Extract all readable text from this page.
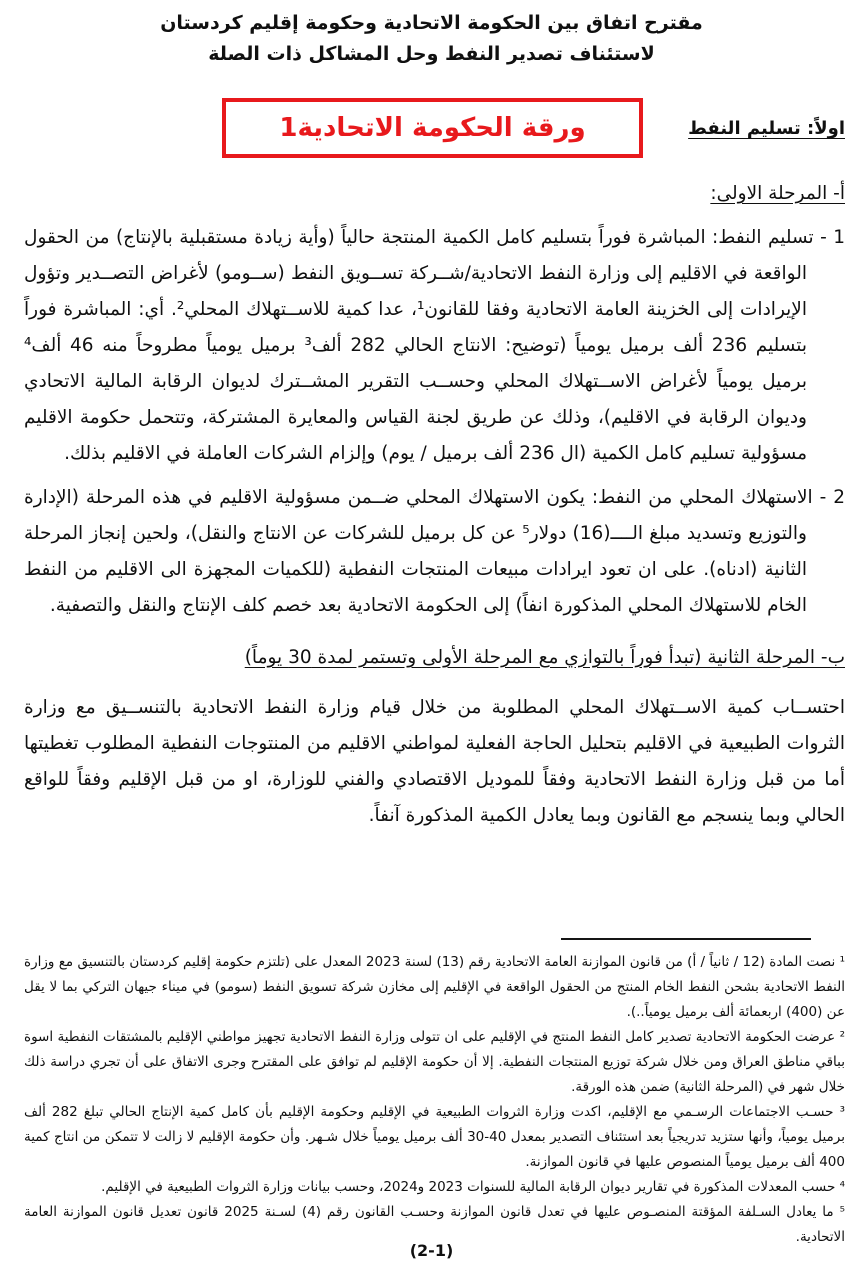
مقترح اتفاق بين الحكومة الاتحادية وحكومة إقليم كردستان
لاستئناف تصدير النفط وحل المشاكل ذات الصلة
ورقة الحكومة الاتحادية1	اولاً: تسليم النفط
أ- المرحلة الاولى:

1 - تسليم النفط: المباشرة فوراً بتسليم كامل الكمية المنتجة حالياً (وأية زيادة مستقبلية بالإنتاج) من الحقول الواقعة في الاقليم إلى وزارة النفط الاتحادية/شــركة تســويق النفط (ســومو) لأغراض التصــدير وتؤول الإيرادات إلى الخزينة العامة الاتحادية وفقا للقانون¹، عدا كمية للاســتهلاك المحلي². أي: المباشرة فوراً بتسليم 236 ألف برميل يومياً (توضيح: الانتاج الحالي 282 ألف³ برميل يومياً مطروحاً منه 46 ألف⁴ برميل يومياً لأغراض الاســتهلاك المحلي وحســب التقرير المشــترك لديوان الرقابة المالية الاتحادي وديوان الرقابة في الاقليم)، وذلك عن طريق لجنة القياس والمعايرة المشتركة، وتتحمل حكومة الاقليم مسؤولية تسليم كامل الكمية (ال 236 ألف برميل / يوم) وإلزام الشركات العاملة في الاقليم بذلك.

2 - الاستهلاك المحلي من النفط: يكون الاستهلاك المحلي ضــمن مسؤولية الاقليم في هذه المرحلة (الإدارة والتوزيع وتسديد مبلغ الــــ(16) دولار⁵ عن كل برميل للشركات عن الانتاج والنقل)، ولحين إنجاز المرحلة الثانية (ادناه). على ان تعود ايرادات مبيعات المنتجات النفطية (للكميات المجهزة الى الاقليم من النفط الخام للاستهلاك المحلي المذكورة انفاً) إلى الحكومة الاتحادية بعد خصم كلف الإنتاج والنقل والتصفية.

ب- المرحلة الثانية (تبدأ فوراً بالتوازي مع المرحلة الأولى وتستمر لمدة 30 يوماً)

احتســاب كمية الاســتهلاك المحلي المطلوبة من خلال قيام وزارة النفط الاتحادية بالتنســيق مع وزارة الثروات الطبيعية في الاقليم بتحليل الحاجة الفعلية لمواطني الاقليم من المنتوجات النفطية المطلوب تغطيتها أما من قبل وزارة النفط الاتحادية وفقاً للموديل الاقتصادي والفني للوزارة، او من قبل الإقليم وفقاً للواقع الحالي وبما ينسجم مع القانون وبما يعادل الكمية المذكورة آنفاً.

¹ نصت المادة (12 / ثانياً / أ) من قانون الموازنة العامة الاتحادية رقم (13) لسنة 2023 المعدل على (تلتزم حكومة إقليم كردستان بالتنسيق مع وزارة النفط الاتحادية بشحن النفط الخام المنتج من الحقول الواقعة في الإقليم إلى مخازن شركة تسويق النفط (سومو) في ميناء جيهان التركي بما لا يقل عن (400) اربعمائة ألف برميل يومياً..).

² عرضت الحكومة الاتحادية تصدير كامل النفط المنتج في الإقليم على ان تتولى وزارة النفط الاتحادية تجهيز مواطني الإقليم بالمشتقات النفطية اسوة بباقي مناطق العراق ومن خلال شركة توزيع المنتجات النفطية. إلا أن حكومة الإقليم لم توافق على المقترح وجرى الاتفاق على أن تجري دراسة ذلك خلال شهر في (المرحلة الثانية) ضمن هذه الورقة.

³ حسـب الاجتماعات الرسـمي مع الإقليم، اكدت وزارة الثروات الطبيعية في الإقليم وحكومة الإقليم بأن كامل كمية الإنتاج الحالي تبلغ 282 ألف برميل يومياً، وأنها ستزيد تدريجياً بعد استئناف التصدير بمعدل 40-30 ألف برميل يومياً خلال شـهر. وأن حكومة الإقليم لا زالت لا تتمكن من انتاج كمية 400 ألف برميل يومياً المنصوص عليها في قانون الموازنة.

⁴ حسب المعدلات المذكورة في تقارير ديوان الرقابة المالية للسنوات 2023 و2024، وحسب بيانات وزارة الثروات الطبيعية في الإقليم.

⁵ ما يعادل السـلفة المؤقتة المنصـوص عليها في تعدل قانون الموازنة وحسـب القانون رقم (4) لسـنة 2025 قانون تعديل قانون الموازنة العامة الاتحادية.

(2-1)
